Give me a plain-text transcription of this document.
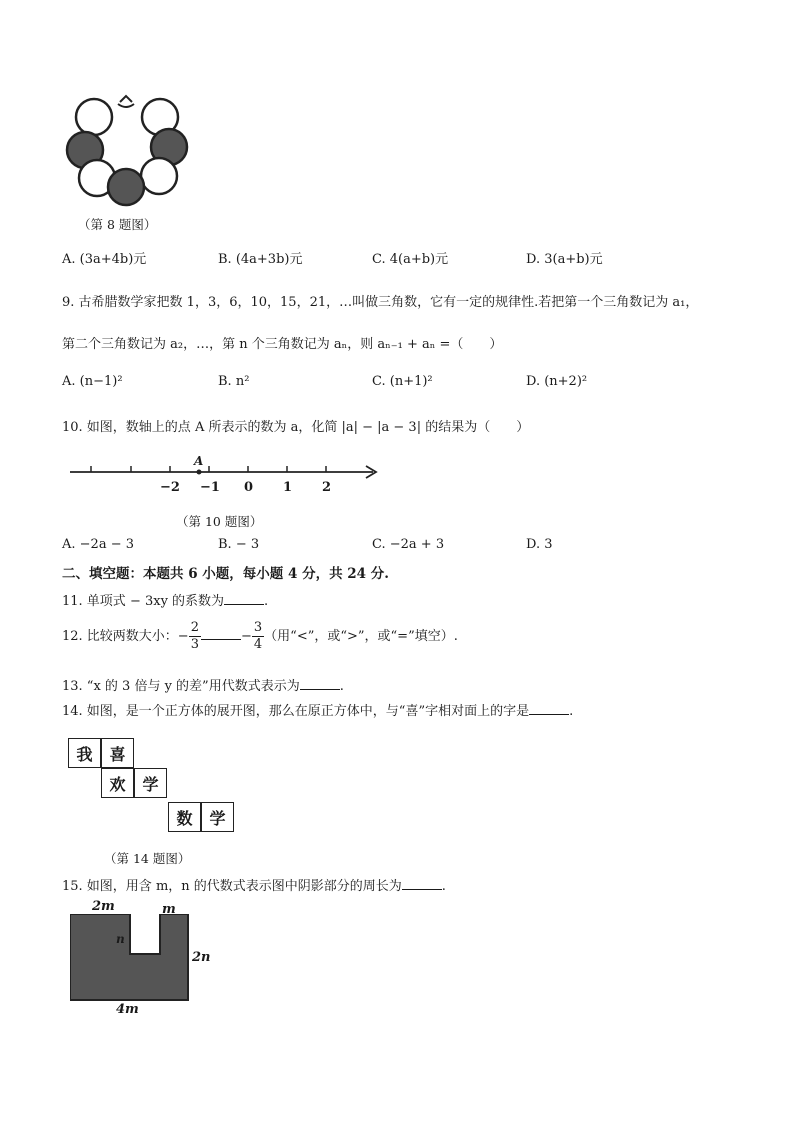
（第 8 题图）
A. (3a+4b)元	B. (4a+3b)元	C. 4(a+b)元	D. 3(a+b)元
9. 古希腊数学家把数 1，3，6，10，15，21，…叫做三角数，它有一定的规律性.若把第一个三角数记为 a₁，
第二个三角数记为 a₂，…，第 n 个三角数记为 aₙ，则 aₙ₋₁ + aₙ =（　　）
A. (n−1)²	B. n²	C. (n+1)²	D. (n+2)²
10. 如图，数轴上的点 A 所表示的数为 a，化简 |a| − |a − 3| 的结果为（　　）
A
−2 −1 0 1 2
（第 10 题图）
A. −2a − 3	B. − 3	C. −2a + 3	D. 3
二、填空题：本题共 6 小题，每小题 4 分，共 24 分.
11. 单项式 − 3xy 的系数为	.
12. 比较两数大小：− $\frac{2}{3}$	− $\frac{3}{4}$ （用“<”，或“>”，或“=”填空）.
13. “x 的 3 倍与 y 的差”用代数式表示为	.
14. 如图，是一个正方体的展开图，那么在原正方体中，与“喜”字相对面上的字是	.
我	喜
欢	学
数	学
（第 14 题图）
15. 如图，用含 m，n 的代数式表示图中阴影部分的周长为	.
2m	m
n
2n
4m
